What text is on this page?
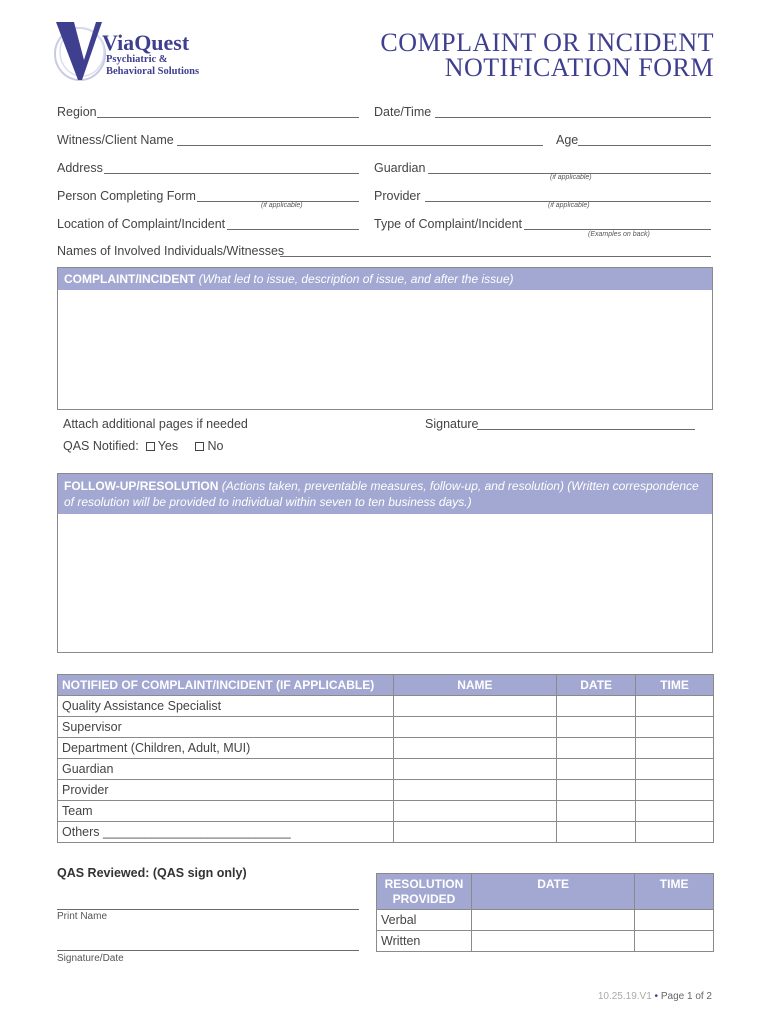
ViaQuest
Psychiatric &
Behavioral Solutions
COMPLAINT OR INCIDENT
NOTIFICATION FORM
Region	Date/Time
Witness/Client Name	Age
Address	Guardian
(if applicable)
Person Completing Form
(if applicable)
Provider
(if applicable)
Location of Complaint/Incident	Type of Complaint/Incident
(Examples on back)
Names of Involved Individuals/Witnesses
COMPLAINT/INCIDENT (What led to issue, description of issue, and after the issue)
Attach additional pages if needed	Signature
QAS Notified: Yes No
FOLLOW-UP/RESOLUTION (Actions taken, preventable measures, follow-up, and resolution) (Written correspondence of resolution will be provided to individual within seven to ten business days.)
NOTIFIED OF COMPLAINT/INCIDENT (IF APPLICABLE)	NAME	DATE	TIME
Quality Assistance Specialist			
Supervisor			
Department (Children, Adult, MUI)			
Guardian			
Provider			
Team			
Others ___________________________			
QAS Reviewed: (QAS sign only)
Print Name
Signature/Date
RESOLUTION PROVIDED	DATE	TIME
Verbal		
Written		
10.25.19.V1 • Page 1 of 2
